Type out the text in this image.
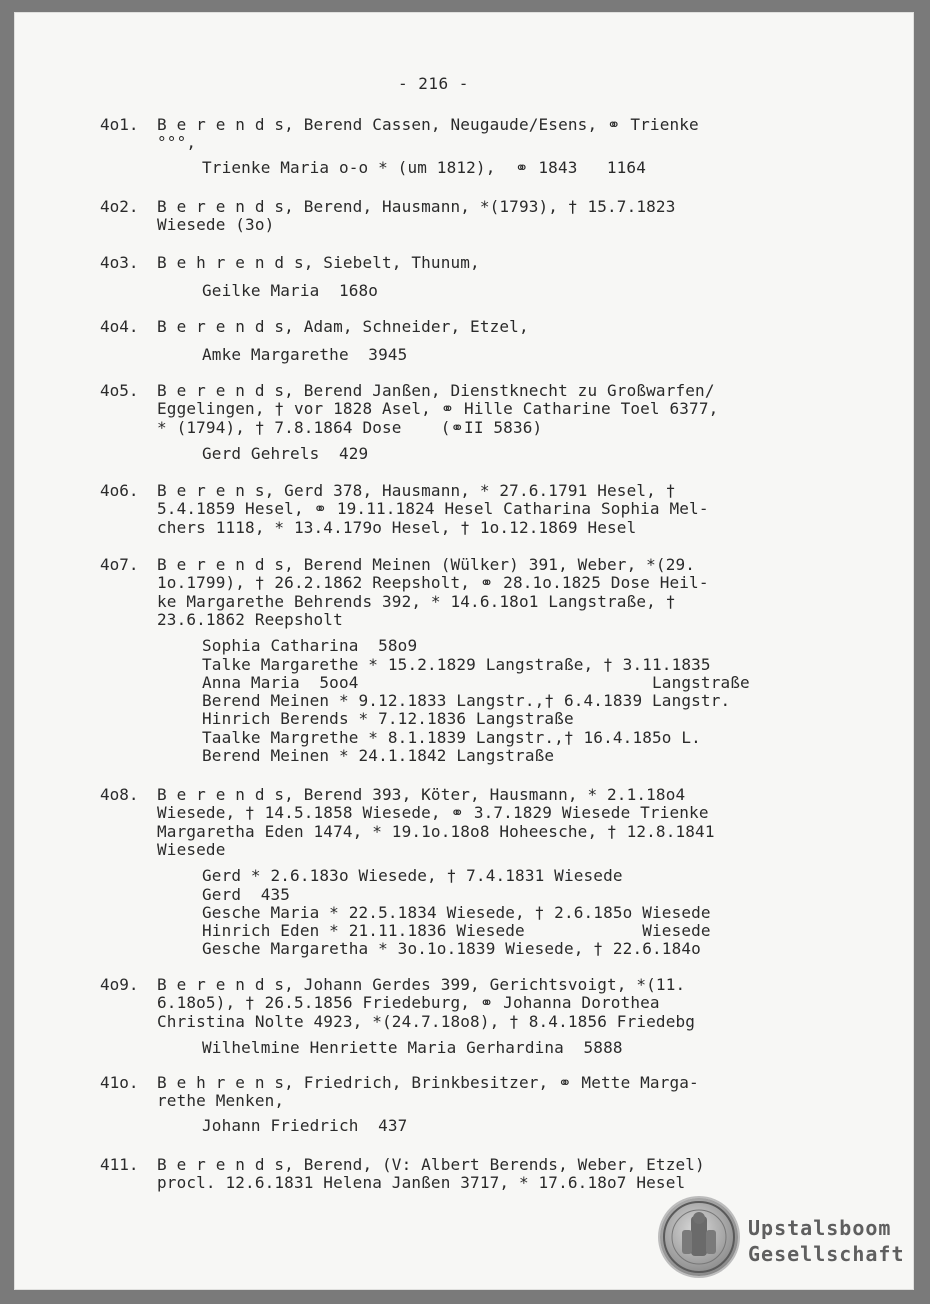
- 216 -
4o1. B e r e n d s, Berend Cassen, Neugaude/Esens, ⚭ Trienke
°°°,
Trienke Maria o-o * (um 1812),  ⚭ 1843   1164
4o2. B e r e n d s, Berend, Hausmann, *(1793), † 15.7.1823
Wiesede (3o)
4o3. B e h r e n d s, Siebelt, Thunum,
Geilke Maria  168o
4o4. B e r e n d s, Adam, Schneider, Etzel,
Amke Margarethe  3945
4o5. B e r e n d s, Berend Janßen, Dienstknecht zu Großwarfen/
Eggelingen, † vor 1828 Asel, ⚭ Hille Catharine Toel 6377,
* (1794), † 7.8.1864 Dose    (⚭II 5836)
Gerd Gehrels  429
4o6. B e r e n s, Gerd 378, Hausmann, * 27.6.1791 Hesel, †
5.4.1859 Hesel, ⚭ 19.11.1824 Hesel Catharina Sophia Mel-
chers 1118, * 13.4.179o Hesel, † 1o.12.1869 Hesel
4o7. B e r e n d s, Berend Meinen (Wülker) 391, Weber, *(29.
1o.1799), † 26.2.1862 Reepsholt, ⚭ 28.1o.1825 Dose Heil-
ke Margarethe Behrends 392, * 14.6.18o1 Langstraße, †
23.6.1862 Reepsholt
Sophia Catharina  58o9
Talke Margarethe * 15.2.1829 Langstraße, † 3.11.1835
Anna Maria  5oo4                              Langstraße
Berend Meinen * 9.12.1833 Langstr.,† 6.4.1839 Langstr.
Hinrich Berends * 7.12.1836 Langstraße
Taalke Margrethe * 8.1.1839 Langstr.,† 16.4.185o L.
Berend Meinen * 24.1.1842 Langstraße
4o8. B e r e n d s, Berend 393, Köter, Hausmann, * 2.1.18o4
Wiesede, † 14.5.1858 Wiesede, ⚭ 3.7.1829 Wiesede Trienke
Margaretha Eden 1474, * 19.1o.18o8 Hoheesche, † 12.8.1841
Wiesede
Gerd * 2.6.183o Wiesede, † 7.4.1831 Wiesede
Gerd  435
Gesche Maria * 22.5.1834 Wiesede, † 2.6.185o Wiesede
Hinrich Eden * 21.11.1836 Wiesede            Wiesede
Gesche Margaretha * 3o.1o.1839 Wiesede, † 22.6.184o
4o9. B e r e n d s, Johann Gerdes 399, Gerichtsvoigt, *(11.
6.18o5), † 26.5.1856 Friedeburg, ⚭ Johanna Dorothea
Christina Nolte 4923, *(24.7.18o8), † 8.4.1856 Friedebg
Wilhelmine Henriette Maria Gerhardina  5888
41o. B e h r e n s, Friedrich, Brinkbesitzer, ⚭ Mette Marga-
rethe Menken,
Johann Friedrich  437
411. B e r e n d s, Berend, (V: Albert Berends, Weber, Etzel)
procl. 12.6.1831 Helena Janßen 3717, * 17.6.18o7 Hesel
Upstalsboom
Gesellschaft
